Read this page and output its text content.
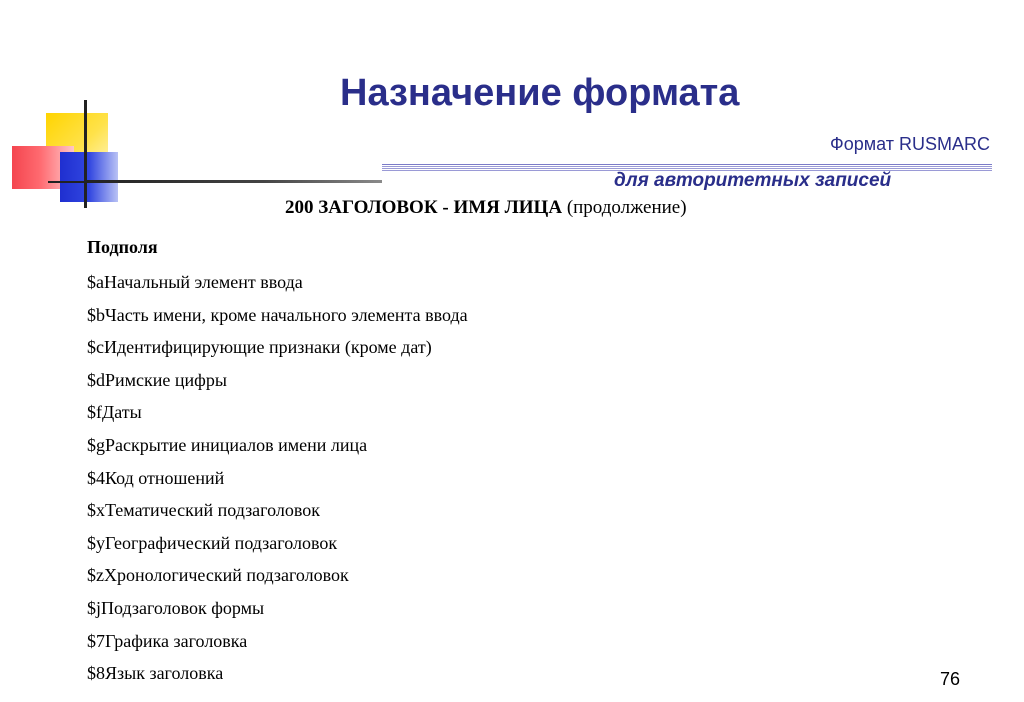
Назначение формата
Формат RUSMARC
для авторитетных записей
200 ЗАГОЛОВОК - ИМЯ ЛИЦА (продолжение)
Подполя
$aНачальный элемент ввода
$bЧасть имени, кроме начального элемента ввода
$cИдентифицирующие признаки (кроме дат)
$dРимские цифры
$fДаты
$gРаскрытие инициалов имени лица
$4Код отношений
$xТематический подзаголовок
$yГеографический подзаголовок
$zХронологический подзаголовок
$jПодзаголовок формы
$7Графика заголовка
$8Язык заголовка	76
